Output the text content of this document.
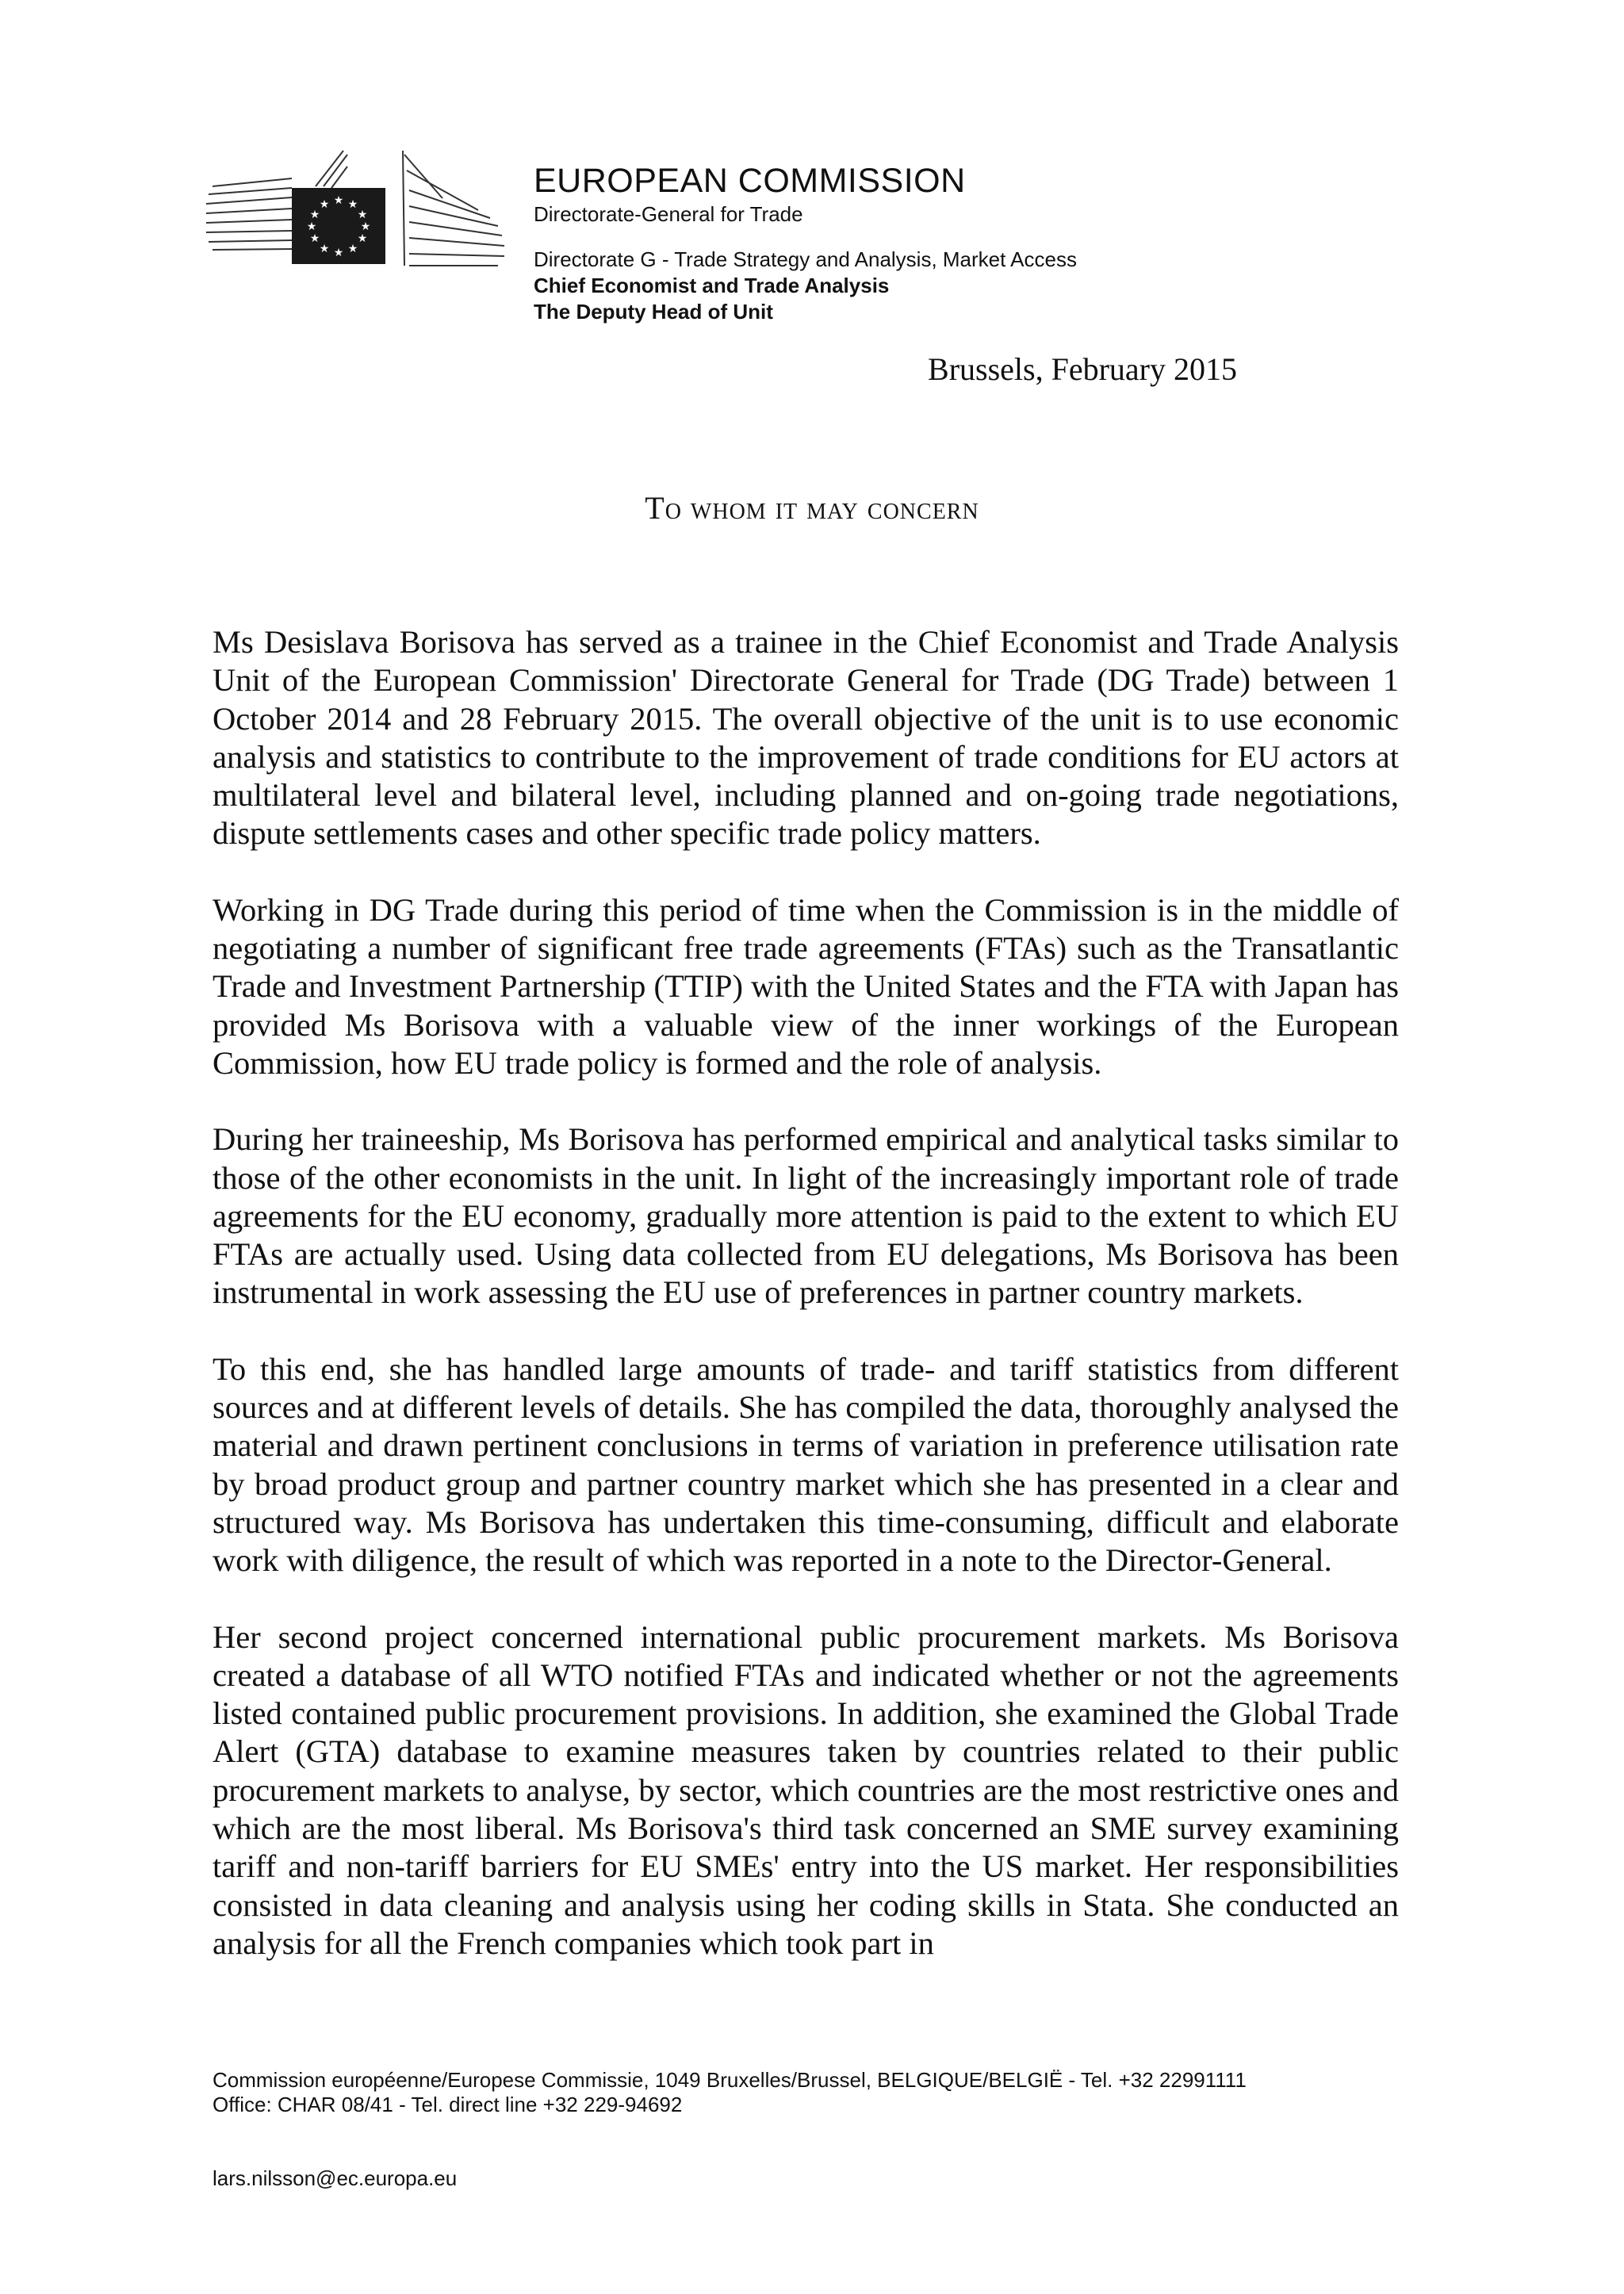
★ ★
★
★
★
★
★
★
★
★
★
★
EUROPEAN COMMISSION
Directorate-General for Trade
Directorate G - Trade Strategy and Analysis, Market Access
Chief Economist and Trade Analysis
The Deputy Head of Unit
Brussels, February 2015
To whom it may concern

Ms Desislava Borisova has served as a trainee in the Chief Economist and Trade Analysis Unit of the European Commission' Directorate General for Trade (DG Trade) between 1 October 2014 and 28 February 2015. The overall objective of the unit is to use economic analysis and statistics to contribute to the improvement of trade conditions for EU actors at multilateral level and bilateral level, including planned and on-going trade negotiations, dispute settlements cases and other specific trade policy matters.

Working in DG Trade during this period of time when the Commission is in the middle of negotiating a number of significant free trade agreements (FTAs) such as the Transatlantic Trade and Investment Partnership (TTIP) with the United States and the FTA with Japan has provided Ms Borisova with a valuable view of the inner workings of the European Commission, how EU trade policy is formed and the role of analysis.

During her traineeship, Ms Borisova has performed empirical and analytical tasks similar to those of the other economists in the unit. In light of the increasingly important role of trade agreements for the EU economy, gradually more attention is paid to the extent to which EU FTAs are actually used. Using data collected from EU delegations, Ms Borisova has been instrumental in work assessing the EU use of preferences in partner country markets.

To this end, she has handled large amounts of trade- and tariff statistics from different sources and at different levels of details. She has compiled the data, thoroughly analysed the material and drawn pertinent conclusions in terms of variation in preference utilisation rate by broad product group and partner country market which she has presented in a clear and structured way. Ms Borisova has undertaken this time-consuming, difficult and elaborate work with diligence, the result of which was reported in a note to the Director-General.

Her second project concerned international public procurement markets. Ms Borisova created a database of all WTO notified FTAs and indicated whether or not the agreements listed contained public procurement provisions. In addition, she examined the Global Trade Alert (GTA) database to examine measures taken by countries related to their public procurement markets to analyse, by sector, which countries are the most restrictive ones and which are the most liberal. Ms Borisova's third task concerned an SME survey examining tariff and non-tariff barriers for EU SMEs' entry into the US market. Her responsibilities consisted in data cleaning and analysis using her coding skills in Stata. She conducted an analysis for all the French companies which took part in

Commission européenne/Europese Commissie, 1049 Bruxelles/Brussel, BELGIQUE/BELGIË - Tel. +32 22991111
Office: CHAR 08/41 - Tel. direct line +32 229-94692
lars.nilsson@ec.europa.eu
